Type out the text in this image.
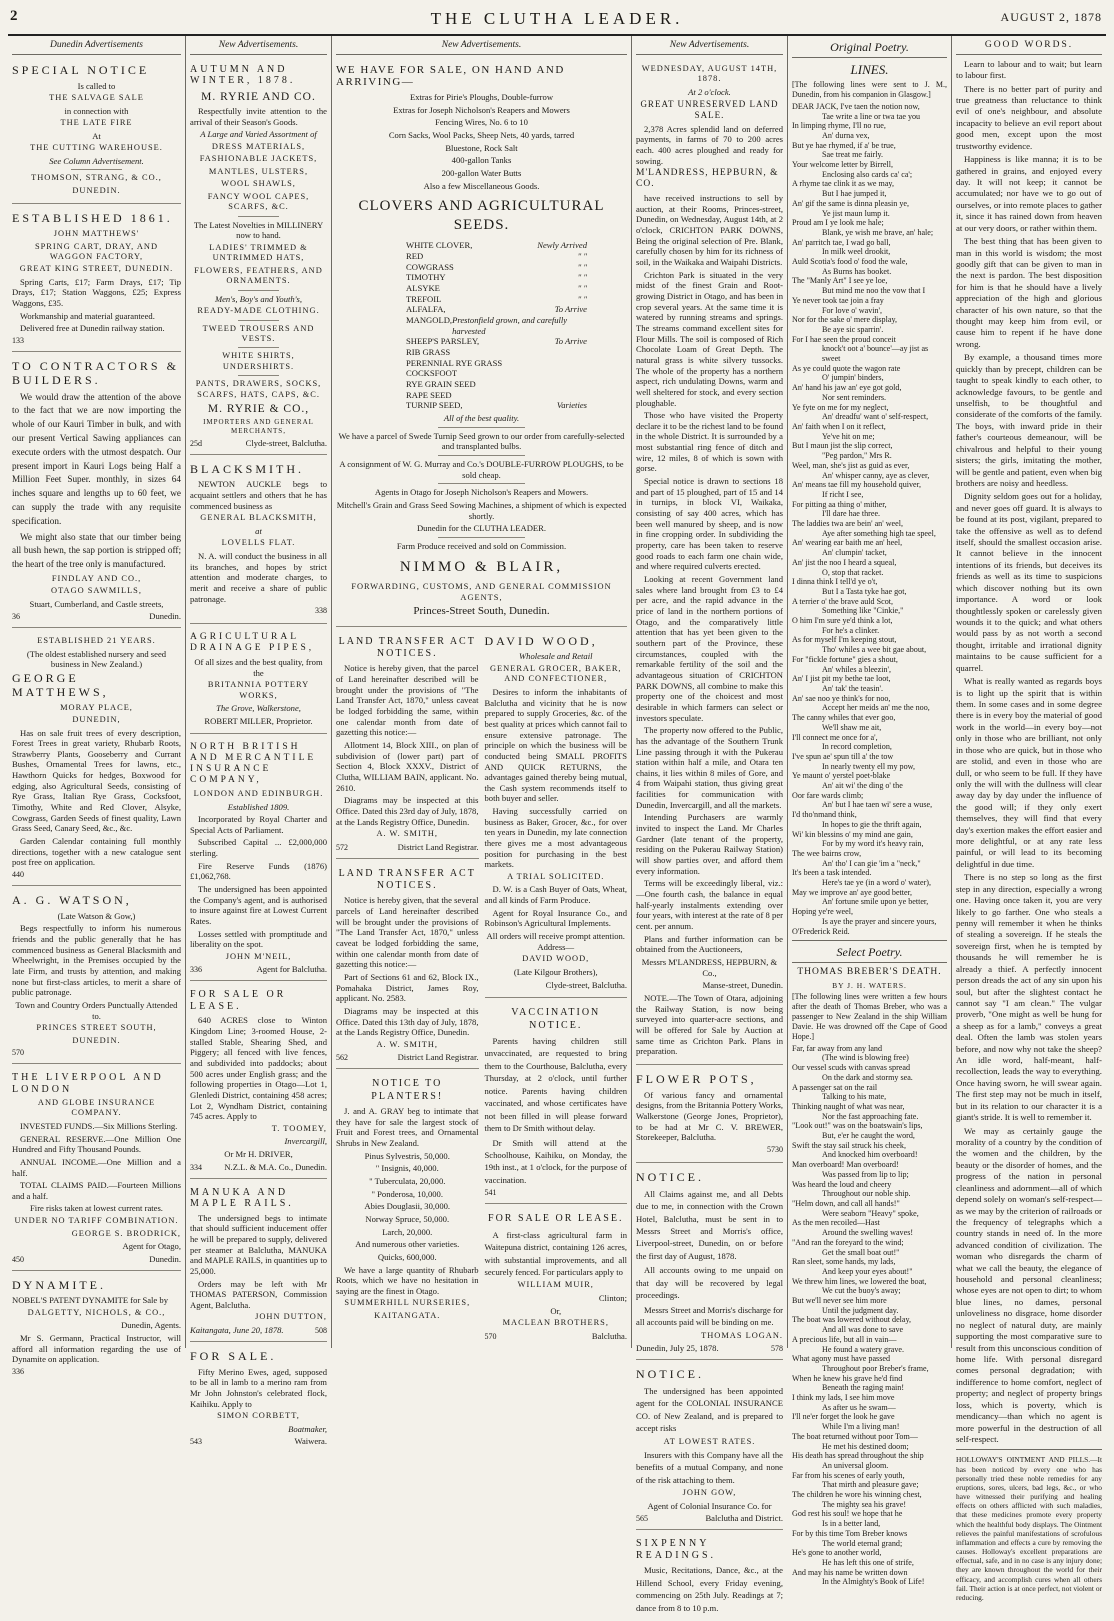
2	THE CLUTHA LEADER.	AUGUST 2, 1878
Dunedin Advertisements
SPECIAL NOTICE
Is called to
THE SALVAGE SALE
in connection with
THE LATE FIRE
At
THE CUTTING WAREHOUSE.
See Column Advertisement.
THOMSON, STRANG, & CO.,
DUNEDIN.
ESTABLISHED 1861.
JOHN MATTHEWS'
SPRING CART, DRAY, AND WAGGON FACTORY,
GREAT KING STREET, DUNEDIN.

Spring Carts, £17; Farm Drays, £17; Tip Drays, £17; Station Waggons, £25; Express Waggons, £35.

Workmanship and material guaranteed.

Delivered free at Dunedin railway station.

133
TO CONTRACTORS & BUILDERS.

We would draw the attention of the above to the fact that we are now importing the whole of our Kauri Timber in bulk, and with our present Vertical Sawing appliances can execute orders with the utmost despatch. Our present import in Kauri Logs being Half a Million Feet Super. monthly, in sizes 64 inches square and lengths up to 60 feet, we can supply the trade with any requisite specification.

We might also state that our timber being all bush hewn, the sap portion is stripped off; the heart of the tree only is manufactured.

FINDLAY AND CO.,
OTAGO SAWMILLS,
Stuart, Cumberland, and Castle streets,
36	Dunedin.
ESTABLISHED 21 YEARS.
(The oldest established nursery and seed business in New Zealand.)
GEORGE MATTHEWS,
MORAY PLACE,
DUNEDIN,

Has on sale fruit trees of every description, Forest Trees in great variety, Rhubarb Roots, Strawberry Plants, Gooseberry and Currant Bushes, Ornamental Trees for lawns, etc., Hawthorn Quicks for hedges, Boxwood for edging, also Agricultural Seeds, consisting of Rye Grass, Italian Rye Grass, Cocksfoot, Timothy, White and Red Clover, Alsyke, Cowgrass, Garden Seeds of finest quality, Lawn Grass Seed, Canary Seed, &c., &c.

Garden Calendar containing full monthly directions, together with a new catalogue sent post free on application.

440
A. G. WATSON,
(Late Watson & Gow,)

Begs respectfully to inform his numerous friends and the public generally that he has commenced business as General Blacksmith and Wheelwright, in the Premises occupied by the late Firm, and trusts by attention, and making none but first-class articles, to merit a share of public patronage.

Town and Country Orders Punctually Attended to.
PRINCES STREET SOUTH,
DUNEDIN.
570
THE LIVERPOOL AND LONDON
AND GLOBE INSURANCE COMPANY.

INVESTED FUNDS.—Six Millions Sterling.

GENERAL RESERVE.—One Million One Hundred and Fifty Thousand Pounds.

ANNUAL INCOME.—One Million and a half.

TOTAL CLAIMS PAID.—Fourteen Millions and a half.

Fire risks taken at lowest current rates.
UNDER NO TARIFF COMBINATION.
GEORGE S. BRODRICK,
Agent for Otago,
450	Dunedin.
DYNAMITE.
NOBEL'S PATENT DYNAMITE for Sale by
DALGETTY, NICHOLS, & CO.,
Dunedin, Agents.

Mr S. Germann, Practical Instructor, will afford all information regarding the use of Dynamite on application.

336
New Advertisements.
AUTUMN AND WINTER, 1878.
M. RYRIE AND CO.

Respectfully invite attention to the arrival of their Season's Goods.

A Large and Varied Assortment of
DRESS MATERIALS,
FASHIONABLE JACKETS,
MANTLES, ULSTERS,
WOOL SHAWLS,
FANCY WOOL CAPES, SCARFS, &C.
The Latest Novelties in MILLINERY now to hand.
LADIES' TRIMMED & UNTRIMMED HATS,
FLOWERS, FEATHERS, AND ORNAMENTS.
Men's, Boy's and Youth's,
READY-MADE CLOTHING.
TWEED TROUSERS AND VESTS.
WHITE SHIRTS, UNDERSHIRTS.
PANTS, DRAWERS, SOCKS, SCARFS, HATS, CAPS, &C.
M. RYRIE & CO.,
IMPORTERS AND GENERAL MERCHANTS,
25d	Clyde-street, Balclutha.
BLACKSMITH.

NEWTON AUCKLE begs to acquaint settlers and others that he has commenced business as

GENERAL BLACKSMITH,
at
LOVELLS FLAT.

N. A. will conduct the business in all its branches, and hopes by strict attention and moderate charges, to merit and receive a share of public patronage.

338
AGRICULTURAL DRAINAGE PIPES,
Of all sizes and the best quality, from the
BRITANNIA POTTERY WORKS,
The Grove, Walkerstone,
ROBERT MILLER, Proprietor.
NORTH BRITISH AND MERCANTILE INSURANCE COMPANY,
LONDON AND EDINBURGH.
Established 1809.

Incorporated by Royal Charter and Special Acts of Parliament.

Subscribed Capital ... £2,000,000 sterling.

Fire Reserve Funds (1876) £1,062,768.

The undersigned has been appointed the Company's agent, and is authorised to insure against fire at Lowest Current Rates.

Losses settled with promptitude and liberality on the spot.

JOHN M'NEIL,
336	Agent for Balclutha.
FOR SALE OR LEASE.

640 ACRES close to Winton Kingdom Line; 3-roomed House, 2-stalled Stable, Shearing Shed, and Piggery; all fenced with live fences, and subdivided into paddocks; about 500 acres under English grass; and the following properties in Otago—Lot 1, Glenledi District, containing 458 acres; Lot 2, Wyndham District, containing 745 acres. Apply to

T. TOOMEY,
Invercargill,
Or Mr H. DRIVER,
334	N.Z.L. & M.A. Co., Dunedin.
MANUKA AND MAPLE RAILS.

The undersigned begs to intimate that should sufficient inducement offer he will be prepared to supply, delivered per steamer at Balclutha, MANUKA and MAPLE RAILS, in quantities up to 25,000.

Orders may be left with Mr THOMAS PATERSON, Commission Agent, Balclutha.

JOHN DUTTON,
Kaitangata, June 20, 1878.	508
FOR SALE.

Fifty Merino Ewes, aged, supposed to be all in lamb to a merino ram from Mr John Johnston's celebrated flock, Kaihiku. Apply to

SIMON CORBETT,
Boatmaker,
543	Waiwera.
New Advertisements.
WE HAVE FOR SALE, ON HAND AND ARRIVING—
Extras for Pirie's Ploughs, Double-furrow
Extras for Joseph Nicholson's Reapers and Mowers
Fencing Wires, No. 6 to 10
Corn Sacks, Wool Packs, Sheep Nets, 40 yards, tarred
Bluestone, Rock Salt
400-gallon Tanks
200-gallon Water Butts
Also a few Miscellaneous Goods.
CLOVERS AND AGRICULTURAL SEEDS.
WHITE CLOVER,	Newly Arrived
RED	" "
COWGRASS	" "
TIMOTHY	" "
ALSYKE	" "
TREFOIL	" "
ALFALFA,	To Arrive
MANGOLD, Prestonfield grown, and carefully harvested
SHEEP'S PARSLEY,	To Arrive
RIB GRASS
PERENNIAL RYE GRASS
COCKSFOOT
RYE GRAIN SEED
RAPE SEED
TURNIP SEED,	Varieties
All of the best quality.
We have a parcel of Swede Turnip Seed grown to our order from carefully-selected and transplanted bulbs.
A consignment of W. G. Murray and Co.'s DOUBLE-FURROW PLOUGHS, to be sold cheap.
Agents in Otago for Joseph Nicholson's Reapers and Mowers.
Mitchell's Grain and Grass Seed Sowing Machines, a shipment of which is expected shortly.
Dunedin for the CLUTHA LEADER.
Farm Produce received and sold on Commission.
NIMMO & BLAIR,
FORWARDING, CUSTOMS, AND GENERAL COMMISSION AGENTS,
Princes-Street South, Dunedin.
LAND TRANSFER ACT NOTICES.

Notice is hereby given, that the parcel of Land hereinafter described will be brought under the provisions of "The Land Transfer Act, 1870," unless caveat be lodged forbidding the same, within one calendar month from date of gazetting this notice:—

Allotment 14, Block XIII., on plan of subdivision of (lower part) part of Section 4, Block XXXV., District of Clutha, WILLIAM BAIN, applicant. No. 2610.

Diagrams may be inspected at this Office. Dated this 23rd day of July, 1878, at the Lands Registry Office, Dunedin.

A. W. SMITH,
572	District Land Registrar.
LAND TRANSFER ACT NOTICES.

Notice is hereby given, that the several parcels of Land hereinafter described will be brought under the provisions of "The Land Transfer Act, 1870," unless caveat be lodged forbidding the same, within one calendar month from date of gazetting this notice:—

Part of Sections 61 and 62, Block IX., Pomahaka District, James Roy, applicant. No. 2583.

Diagrams may be inspected at this Office. Dated this 13th day of July, 1878, at the Lands Registry Office, Dunedin.

A. W. SMITH,
562	District Land Registrar.
NOTICE TO PLANTERS!

J. and A. GRAY beg to intimate that they have for sale the largest stock of Fruit and Forest trees, and Ornamental Shrubs in New Zealand.

Pinus Sylvestris, 50,000.
" Insignis, 40,000.
" Tuberculata, 20,000.
" Ponderosa, 10,000.
Abies Douglasii, 30,000.
Norway Spruce, 50,000.
Larch, 20,000.
And numerous other varieties.
Quicks, 600,000.

We have a large quantity of Rhubarb Roots, which we have no hesitation in saying are the finest in Otago.

SUMMERHILL NURSERIES,
KAITANGATA.
DAVID WOOD,
Wholesale and Retail
GENERAL GROCER, BAKER, AND CONFECTIONER,

Desires to inform the inhabitants of Balclutha and vicinity that he is now prepared to supply Groceries, &c. of the best quality at prices which cannot fail to ensure extensive patronage. The principle on which the business will be conducted being SMALL PROFITS AND QUICK RETURNS, the advantages gained thereby being mutual, the Cash system recommends itself to both buyer and seller.

Having successfully carried on business as Baker, Grocer, &c., for over ten years in Dunedin, my late connection there gives me a most advantageous position for purchasing in the best markets.

A TRIAL SOLICITED.

D. W. is a Cash Buyer of Oats, Wheat, and all kinds of Farm Produce.

Agent for Royal Insurance Co., and Robinson's Agricultural Implements.

All orders will receive prompt attention. Address—
DAVID WOOD,
(Late Kilgour Brothers),
Clyde-street, Balclutha.
VACCINATION NOTICE.

Parents having children still unvaccinated, are requested to bring them to the Courthouse, Balclutha, every Thursday, at 2 o'clock, until further notice. Parents having children vaccinated, and whose certificates have not been filled in will please forward them to Dr Smith without delay.

Dr Smith will attend at the Schoolhouse, Kaihiku, on Monday, the 19th inst., at 1 o'clock, for the purpose of vaccination.

541
FOR SALE OR LEASE.

A first-class agricultural farm in Waitepuna district, containing 126 acres, with substantial improvements, and all securely fenced. For particulars apply to

WILLIAM MUIR,
Clinton;
Or,
MACLEAN BROTHERS,
570	Balclutha.
New Advertisements.
WEDNESDAY, AUGUST 14TH, 1878.
At 2 o'clock.
GREAT UNRESERVED LAND SALE.

2,378 Acres splendid land on deferred payments, in farms of 70 to 200 acres each. 400 acres ploughed and ready for sowing.

M'LANDRESS, HEPBURN, & CO.

have received instructions to sell by auction, at their Rooms, Princes-street, Dunedin, on Wednesday, August 14th, at 2 o'clock, CRICHTON PARK DOWNS, Being the original selection of Pre. Blank, carefully chosen by him for its richness of soil, in the Waikaka and Waipahi Districts.

Crichton Park is situated in the very midst of the finest Grain and Root-growing District in Otago, and has been in crop several years. At the same time it is watered by running streams and springs. The streams command excellent sites for Flour Mills. The soil is composed of Rich Chocolate Loam of Great Depth. The natural grass is white silvery tussocks. The whole of the property has a northern aspect, rich undulating Downs, warm and well sheltered for stock, and every section ploughable.

Those who have visited the Property declare it to be the richest land to be found in the whole District. It is surrounded by a most substantial ring fence of ditch and wire, 12 miles, 8 of which is sown with gorse.

Special notice is drawn to sections 18 and part of 15 ploughed, part of 15 and 14 in turnips, in block VI, Waikaka, consisting of say 400 acres, which has been well manured by sheep, and is now in fine cropping order. In subdividing the property, care has been taken to reserve good roads to each farm one chain wide, and where required culverts erected.

Looking at recent Government land sales where land brought from £3 to £4 per acre, and the rapid advance in the price of land in the northern portions of Otago, and the comparatively little attention that has yet been given to the southern part of the Province, these circumstances, coupled with the remarkable fertility of the soil and the advantageous situation of CRICHTON PARK DOWNS, all combine to make this property one of the choicest and most desirable in which farmers can select or investors speculate.

The property now offered to the Public, has the advantage of the Southern Trunk Line passing through it with the Pukerau station within half a mile, and Otara ten chains, it lies within 8 miles of Gore, and 4 from Waipahi station, thus giving great facilities for communication with Dunedin, Invercargill, and all the markets.

Intending Purchasers are warmly invited to inspect the Land. Mr Charles Gardner (late tenant of the property, residing on the Pukerau Railway Station) will show parties over, and afford them every information.

Terms will be exceedingly liberal, viz.:—One fourth cash, the balance in equal half-yearly instalments extending over four years, with interest at the rate of 8 per cent. per annum.

Plans and further information can be obtained from the Auctioneers,

Messrs M'LANDRESS, HEPBURN, & Co.,
Manse-street, Dunedin.

NOTE.—The Town of Otara, adjoining the Railway Station, is now being surveyed into quarter-acre sections, and will be offered for Sale by Auction at same time as Crichton Park. Plans in preparation.

FLOWER POTS,

Of various fancy and ornamental designs, from the Britannia Pottery Works, Walkerstone (George Jones, Proprietor), to be had at Mr C. V. BREWER, Storekeeper, Balclutha.

5730
NOTICE.

All Claims against me, and all Debts due to me, in connection with the Crown Hotel, Balclutha, must be sent in to Messrs Street and Morris's office, Liverpool-street, Dunedin, on or before the first day of August, 1878.

All accounts owing to me unpaid on that day will be recovered by legal proceedings.

Messrs Street and Morris's discharge for all accounts paid will be binding on me.

THOMAS LOGAN.
Dunedin, July 25, 1878.	578
NOTICE.

The undersigned has been appointed agent for the COLONIAL INSURANCE CO. of New Zealand, and is prepared to accept risks

AT LOWEST RATES.

Insurers with this Company have all the benefits of a mutual Company, and none of the risk attaching to them.

JOHN GOW,
Agent of Colonial Insurance Co. for
565	Balclutha and District.
SIXPENNY READINGS.

Music, Recitations, Dance, &c., at the Hillend School, every Friday evening, commencing on 25th July. Readings at 7; dance from 8 to 10 p.m.

Original Poetry.
LINES.

[The following lines were sent to J. M., Dunedin, from his companion in Glasgow.]

DEAR JACK, I've taen the notion now,

Tae write a line or twa tae you

In limping rhyme, I'll no rue,

An' durna vex,

But ye hae rhymed, if a' be true,

Sae treat me fairly.

Your welcome letter by Birrell,

Enclosing also cards ca' ca';

A rhyme tae clink it as we may,

But I hae jumped it,

An' gif the same is dinna pleasin ye,

Ye jist maun lump it.

Proud am I ye look me hale;

Blank, ye wish me brave, an' hale;

An' parritch tae, I wad go ball,

In milk weel drookit,

Auld Scotia's food o' food the wale,

As Burns has booket.

The "Manly Art" I see ye loe,

But mind me noo the vow that I

Ye never took tae join a fray

For love o' wavin',

Nor for the sake o' mere display,

Be aye sic sparrin'.

For I hae seen the proud conceit

knock't oot a' bounce'—ay jist as sweet

As ye could quote the wagon rate

O' jumpin' binders,

An' hand his jaw an' eye got gold,

Nor sent reminders.

Ye fyte on me for my neglect,

An' dreadfu' want o' self-respect,

An' faith when I on it reflect,

Ye've hit on me;

But I maun jist the slip correct,

"Peg pardon," Mrs R.

Weel, man, she's jist as guid as ever,

An' whisper canny, aye as clever,

An' means tae fill my household quiver,

If richt I see,

For pitting aa thing o' mither,

I'll dare hae three.

The laddies twa are bein' an' weel,

Aye after something high tae speel,

An' wearing ear baith me an' heel,

An' clumpin' tacket,

An' jist the noo I heard a squeal,

O, stop that racket.

I dinna think I tell'd ye o't,

But I a Tasta tyke hae got,

A terrier o' the brave auld Scot,

Something like "Cinkie,"

O him I'm sure ye'd think a lot,

For he's a clinker.

As for myself I'm keeping stout,

Tho' whiles a wee bit gae about,

For "fickle fortune" gies a shout,

An' whiles a bleezin',

An' I jist pit my bethe tae loot,

An' tak' the teasin'.

An' sae noo ye think's for noo,

Accept her meids an' me the noo,

The canny whiles that ever goo,

We'll shaw me ait,

I'll connect me once for a',

In record completion,

I've spun ae' spun till a' the tow

In nearly twenty ell my pow,

Ye maunt o' yerstel poet-blake

An' ait wi' the ding o' the

Oor fare wards climb;

An' but I hae taen wi' sere a wuse,

I'd tho'nmand think,

In hopes to gie the thrift again,

Wi' kin blessins o' my mind ane gain,

For by my word it's heavy rain,

The wee bairns crow,

An' tho' I can gie 'im a "neck,"

It's been a task intended.

Here's tae ye (in a word o' water),

May we improve an' aye good better,

An' fortune smile upon ye better,

Hoping ye're weel,

Is aye the prayer and sincere yours,

O'Frederick Reid.

Select Poetry.
THOMAS BREBER'S DEATH.
BY J. H. WATERS.

[The following lines were written a few hours after the death of Thomas Breber, who was a passenger to New Zealand in the ship William Davie. He was drowned off the Cape of Good Hope.]

Far, far away from any land

(The wind is blowing free)

Our vessel scuds with canvas spread

On the dark and stormy sea.

A passenger sat on the rail

Talking to his mate,

Thinking naught of what was near,

Nor the fast approaching fate.

"Look out!" was on the boatswain's lips,

But, e'er he caught the word,

Swift the stay sail struck his cheek,

And knocked him overboard!

Man overboard! Man overboard!

Was passed from lip to lip;

Was heard the loud and cheery

Throughout our noble ship.

"Helm down, and call all hands!"

Were seaborn "Heavy" spoke,

As the men recoiled—Hast

Around the swelling waves!

"And ran the foreyard to the wind;

Get the small boat out!"

Ran sleet, some hands, my lads,

And keep your eyes about!"

We threw him lines, we lowered the boat,

We cut the buoy's away;

But we'll never see him more

Until the judgment day.

The boat was lowered without delay,

And all was done to save

A precious life, but all in vain—

He found a watery grave.

What agony must have passed

Throughout poor Breber's frame,

When he knew his grave he'd find

Beneath the raging main!

I think my lads, I see him move

As after us he swam—

I'll ne'er forget the look he gave

While I'm a living man!

The boat returned without poor Tom—

He met his destined doom;

His death has spread throughout the ship

An universal gloom.

Far from his scenes of early youth,

That mirth and pleasure gave;

The children he wore his winning chest,

The mighty sea his grave!

God rest his soul! we hope that he

Is in a better land,

For by this time Tom Breber knows

The world eternal grand;

He's gone to another world,

He has left this one of strife,

And may his name be written down

In the Almighty's Book of Life!

GOOD WORDS.

Learn to labour and to wait; but learn to labour first.

There is no better part of purity and true greatness than reluctance to think evil of one's neighbour, and absolute incapacity to believe an evil report about good men, except upon the most trustworthy evidence.

Happiness is like manna; it is to be gathered in grains, and enjoyed every day. It will not keep; it cannot be accumulated; nor have we to go out of ourselves, or into remote places to gather it, since it has rained down from heaven at our very doors, or rather within them.

The best thing that has been given to man in this world is wisdom; the most goodly gift that can be given to man in the next is pardon. The best disposition for him is that he should have a lively appreciation of the high and glorious character of his own nature, so that the thought may keep him from evil, or cause him to repent if he have done wrong.

By example, a thousand times more quickly than by precept, children can be taught to speak kindly to each other, to acknowledge favours, to be gentle and unselfish, to be thoughtful and considerate of the comforts of the family. The boys, with inward pride in their father's courteous demeanour, will be chivalrous and helpful to their young sisters; the girls, imitating the mother, will be gentle and patient, even when big brothers are noisy and heedless.

Dignity seldom goes out for a holiday, and never goes off guard. It is always to be found at its post, vigilant, prepared to take the offensive as well as to defend itself, should the smallest occasion arise. It cannot believe in the innocent intentions of its friends, but deceives its friends as well as its time to suspicions which discover nothing but its own importance. A word or look thoughtlessly spoken or carelessly given wounds it to the quick; and what others would pass by as not worth a second thought, irritable and irrational dignity maintains to be cause sufficient for a quarrel.

What is really wanted as regards boys is to light up the spirit that is within them. In some cases and in some degree there is in every boy the material of good work in the world—in every boy—not only in those who are brilliant, not only in those who are quick, but in those who are stolid, and even in those who are dull, or who seem to be full. If they have only the will with the dullness will clear away day by day under the influence of the good will; if they only exert themselves, they will find that every day's exertion makes the effort easier and more delightful, or at any rate less painful, or will lead to its becoming delightful in due time.

There is no step so long as the first step in any direction, especially a wrong one. Having once taken it, you are very likely to go farther. One who steals a penny will remember it when he thinks of stealing a sovereign. If he steals the sovereign first, when he is tempted by thousands he will remember he is already a thief. A perfectly innocent person dreads the act of any sin upon his soul, but after the slightest contact he cannot say "I am clean." The vulgar proverb, "One might as well be hung for a sheep as for a lamb," conveys a great deal. Often the lamb was stolen years before, and now why not take the sheep? An idle word, half-meant, half-recollection, leads the way to everything. Once having sworn, he will swear again. The first step may not be much in itself, but in its relation to our character it is a giant's stride. It is well to remember it.

We may as certainly gauge the morality of a country by the condition of the women and the children, by the beauty or the disorder of homes, and the progress of the nation in personal cleanliness and adornment—all of which depend solely on woman's self-respect—as we may by the criterion of railroads or the frequency of telegraphs which a country stands in need of. In the more advanced condition of civilization. The woman who disregards the charm of what we call the beauty, the elegance of household and personal cleanliness; whose eyes are not open to dirt; to whom blue lines, no dames, personal unloveliness no disgrace, home disorder no neglect of natural duty, are mainly supporting the most comparative sure to result from this unconscious condition of home life. With personal disregard comes personal degradation; with indifference to home comfort, neglect of property; and neglect of property brings loss, which is poverty, which is mendicancy—than which no agent is more powerful in the destruction of all self-respect.

HOLLOWAY'S OINTMENT AND PILLS.—It has been noticed by every one who has personally tried these noble remedies for any eruptions, sores, ulcers, bad legs, &c., or who have witnessed their purifying and healing effects on others afflicted with such maladies, that these medicines promote every property which the healthful body displays. The Ointment relieves the painful manifestations of scrofulous inflammation and effects a cure by removing the causes. Holloway's excellent preparations are effectual, safe, and in no case is any injury done; they are known throughout the world for their efficacy, and accomplish cures when all others fail. Their action is at once perfect, not violent or reducing.
